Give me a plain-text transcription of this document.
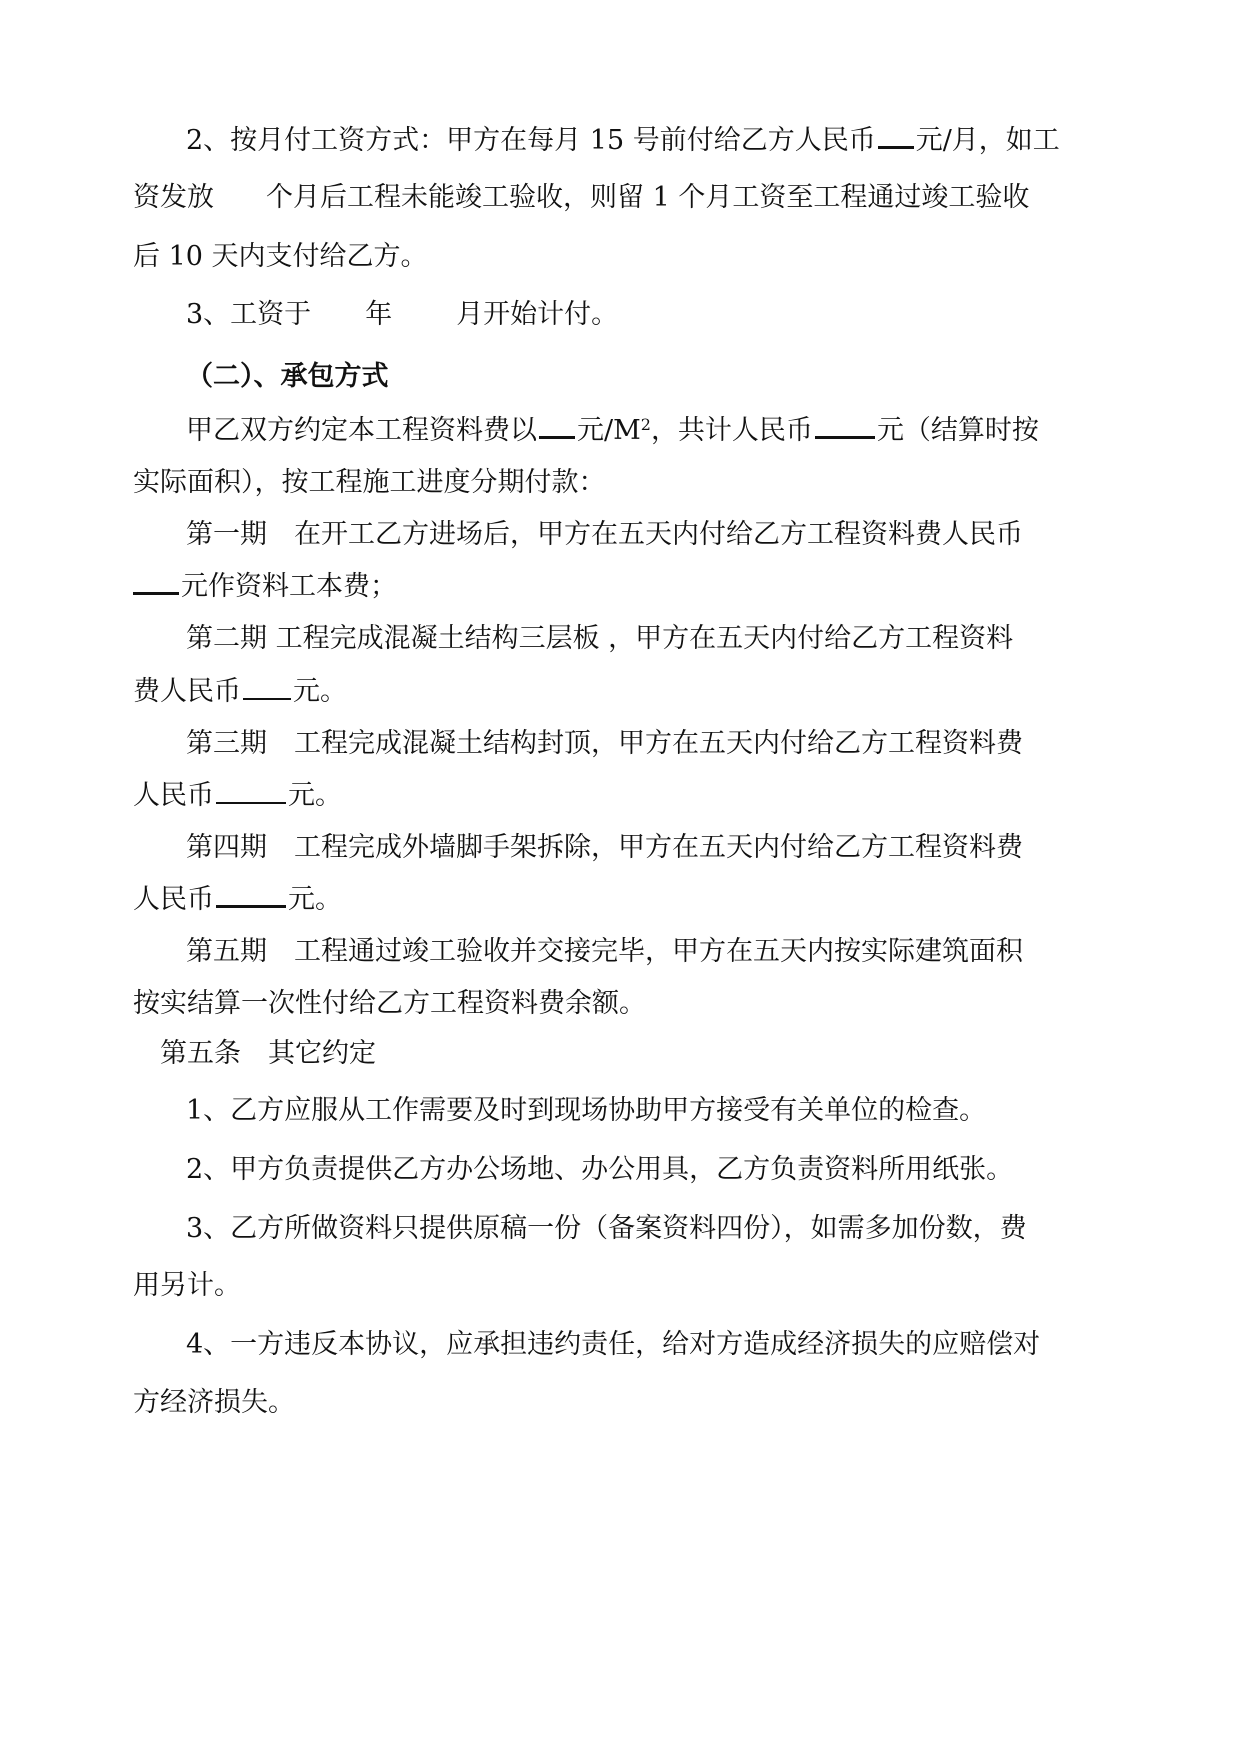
2、按月付工资方式：甲方在每月 15 号前付给乙方人民币 元/月，如工
资发放 个月后工程未能竣工验收，则留 1 个月工资至工程通过竣工验收
后 10 天内支付给乙方。
3、工资于 年 月开始计付。
（二）、承包方式
甲乙双方约定本工程资料费以 元$/M^2$，共计人民币 元（结算时按
实际面积），按工程施工进度分期付款：
第一期　在开工乙方进场后，甲方在五天内付给乙方工程资料费人民币
元作资料工本费；
第二期 工程完成混凝土结构三层板 ，甲方在五天内付给乙方工程资料
费人民币 元。
第三期　工程完成混凝土结构封顶，甲方在五天内付给乙方工程资料费
人民币	元。
第四期　工程完成外墙脚手架拆除，甲方在五天内付给乙方工程资料费
人民币	元。
第五期　工程通过竣工验收并交接完毕，甲方在五天内按实际建筑面积
按实结算一次性付给乙方工程资料费余额。
第五条　其它约定
1、乙方应服从工作需要及时到现场协助甲方接受有关单位的检查。
2、甲方负责提供乙方办公场地、办公用具，乙方负责资料所用纸张。
3、乙方所做资料只提供原稿一份（备案资料四份），如需多加份数，费
用另计。
4、一方违反本协议，应承担违约责任，给对方造成经济损失的应赔偿对
方经济损失。
